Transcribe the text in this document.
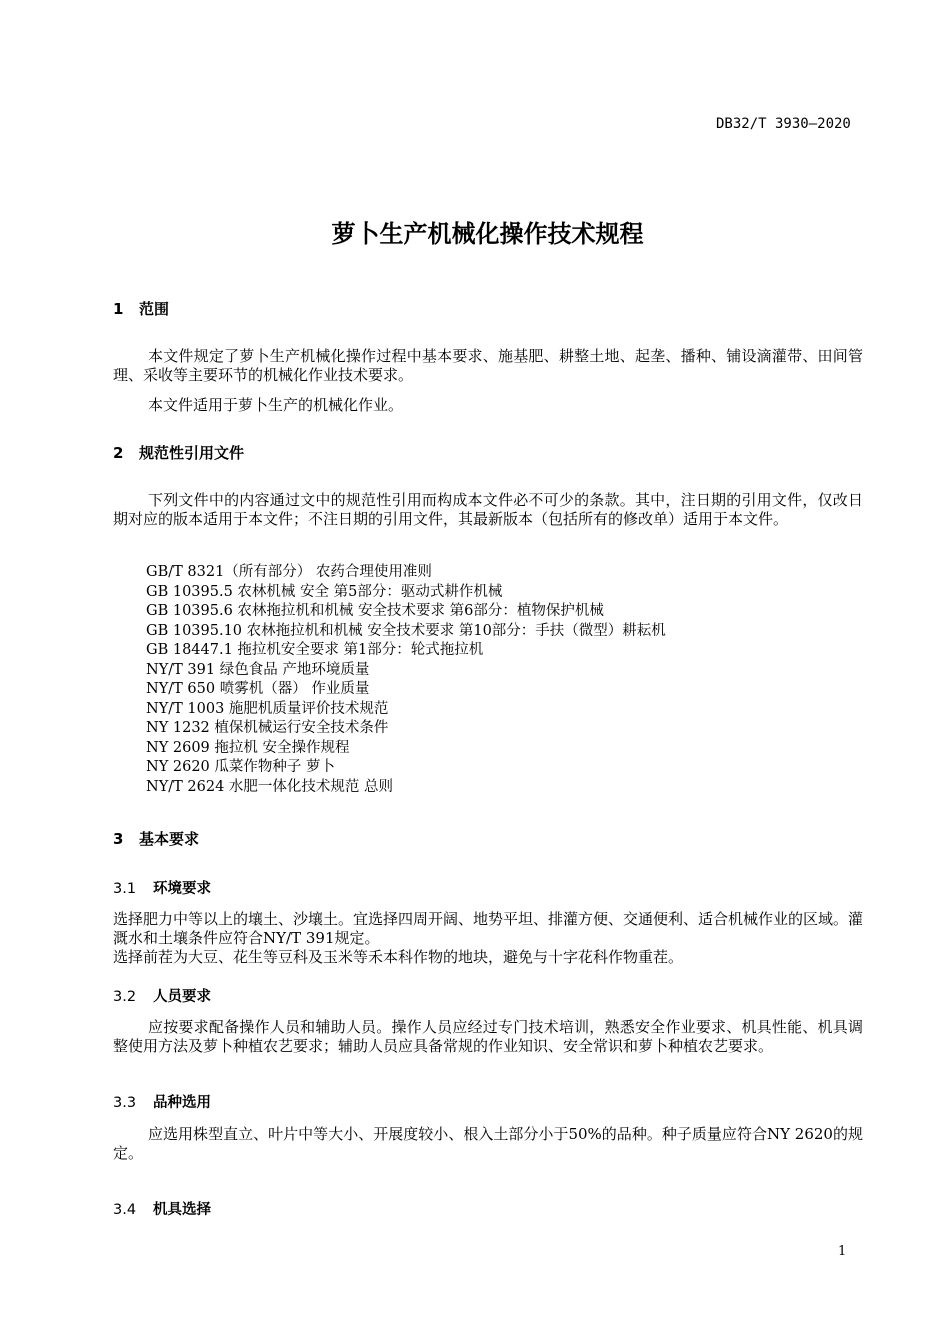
DB32/T 3930—2020
萝卜生产机械化操作技术规程
1 范围
本文件规定了萝卜生产机械化操作过程中基本要求、施基肥、耕整土地、起垄、播种、铺设滴灌带、田间管理、采收等主要环节的机械化作业技术要求。
本文件适用于萝卜生产的机械化作业。
2 规范性引用文件
下列文件中的内容通过文中的规范性引用而构成本文件必不可少的条款。其中，注日期的引用文件，仅改日期对应的版本适用于本文件；不注日期的引用文件，其最新版本（包括所有的修改单）适用于本文件。
GB/T 8321（所有部分） 农药合理使用准则
GB 10395.5 农林机械 安全 第5部分：驱动式耕作机械
GB 10395.6 农林拖拉机和机械 安全技术要求 第6部分：植物保护机械
GB 10395.10 农林拖拉机和机械 安全技术要求 第10部分：手扶（微型）耕耘机
GB 18447.1 拖拉机安全要求 第1部分：轮式拖拉机
NY/T 391 绿色食品 产地环境质量
NY/T 650 喷雾机（器） 作业质量
NY/T 1003 施肥机质量评价技术规范
NY 1232 植保机械运行安全技术条件
NY 2609 拖拉机 安全操作规程
NY 2620 瓜菜作物种子 萝卜
NY/T 2624 水肥一体化技术规范 总则
3 基本要求
3.1 环境要求
选择肥力中等以上的壤土、沙壤土。宜选择四周开阔、地势平坦、排灌方便、交通便利、适合机械作业的区域。灌溉水和土壤条件应符合NY/T 391规定。
选择前茬为大豆、花生等豆科及玉米等禾本科作物的地块，避免与十字花科作物重茬。
3.2 人员要求
应按要求配备操作人员和辅助人员。操作人员应经过专门技术培训，熟悉安全作业要求、机具性能、机具调整使用方法及萝卜种植农艺要求；辅助人员应具备常规的作业知识、安全常识和萝卜种植农艺要求。
3.3 品种选用
应选用株型直立、叶片中等大小、开展度较小、根入土部分小于50%的品种。种子质量应符合NY 2620的规定。
3.4 机具选择
1
